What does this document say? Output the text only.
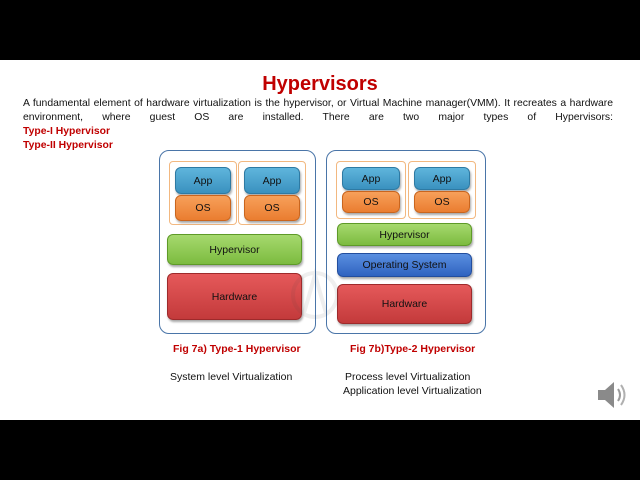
Hypervisors
A fundamental element of hardware virtualization is the hypervisor, or Virtual Machine manager(VMM). It recreates a hardware environment, where guest OS are installed. There are two major types of Hypervisors:
Type-I Hypervisor
Type-II Hypervisor
App
OS
App
OS
Hypervisor
Hardware
App
OS
App
OS
Hypervisor
Operating System
Hardware
Fig 7a) Type-1 Hypervisor	Fig 7b)Type-2 Hypervisor
System level Virtualization	Process level Virtualization
Application level Virtualization
